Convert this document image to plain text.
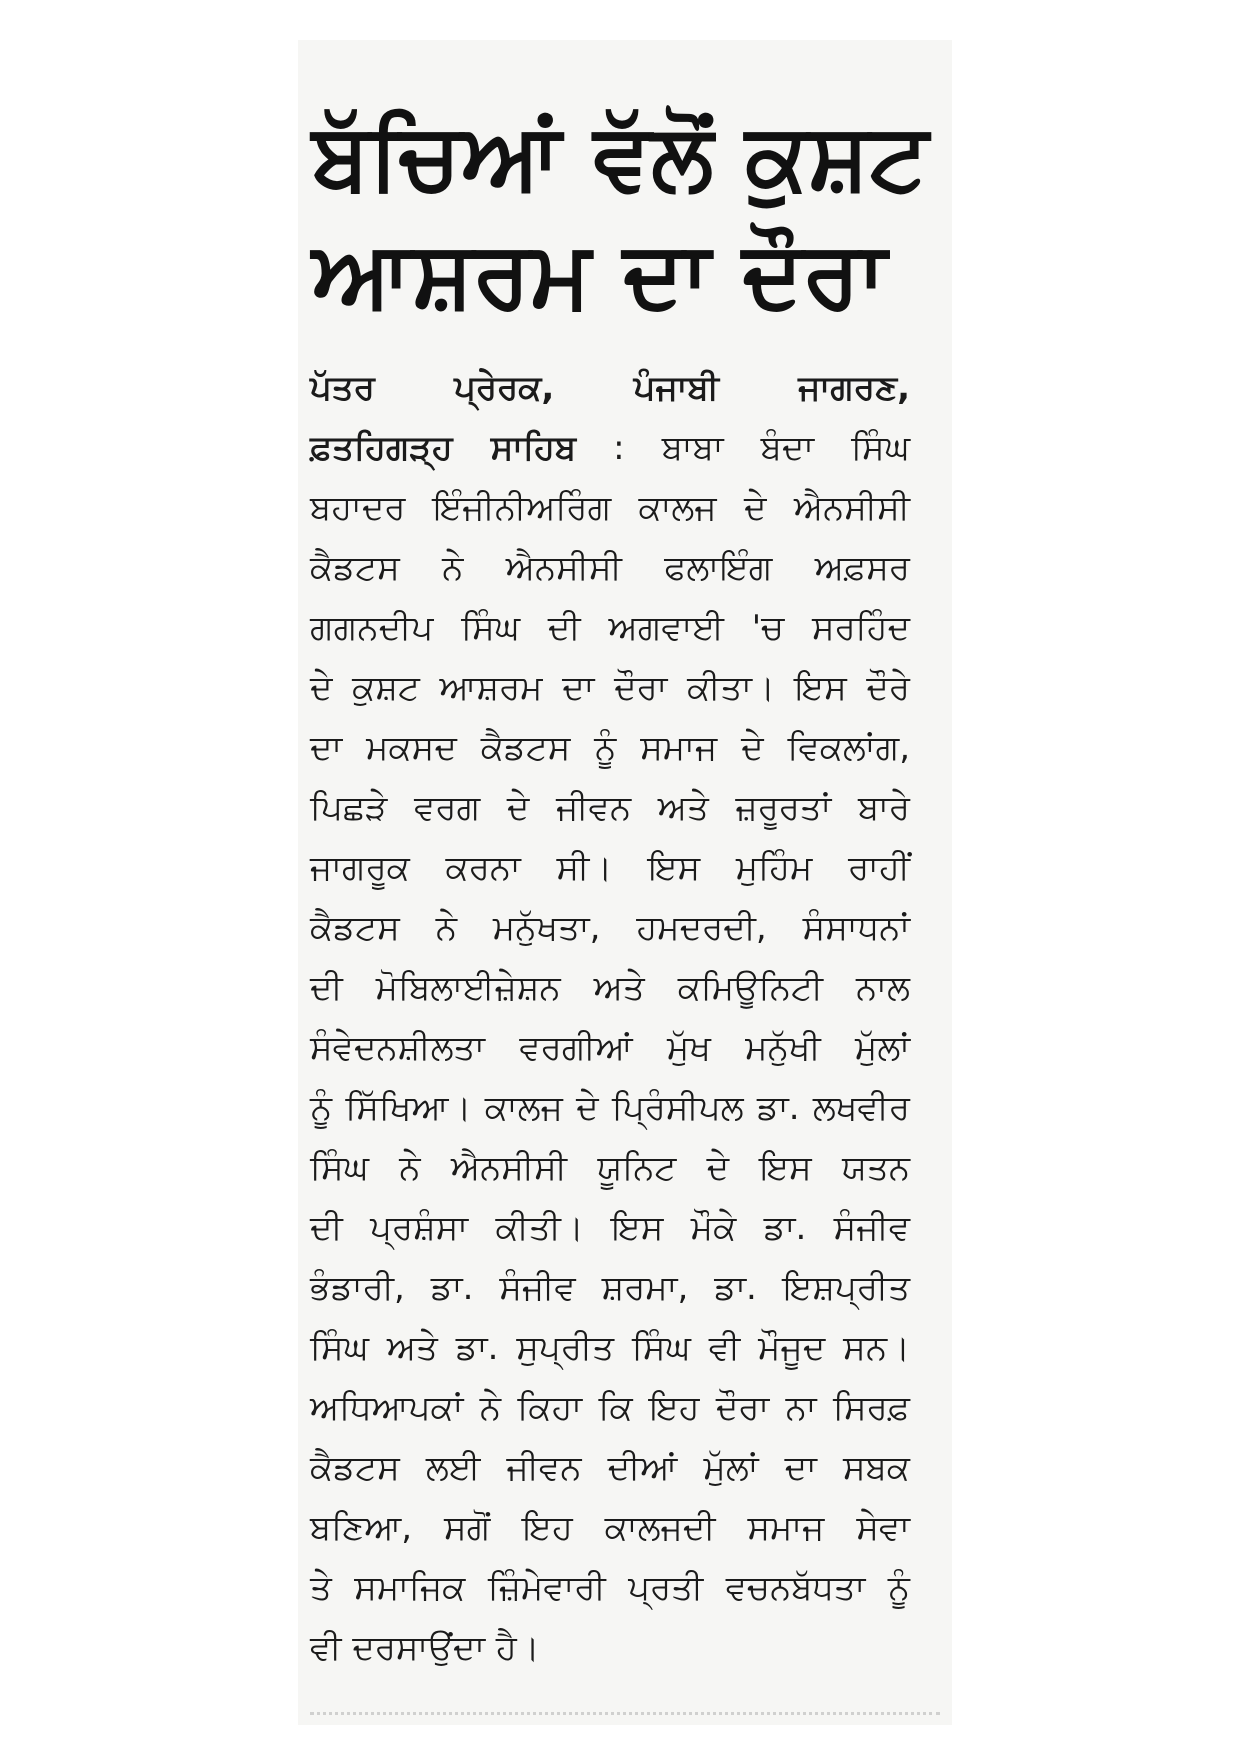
ਬੱਚਿਆਂ ਵੱਲੋਂ ਕੁਸ਼ਟ
ਆਸ਼ਰਮ ਦਾ ਦੌਰਾ
ਪੱਤਰ ਪ੍ਰੇਰਕ, ਪੰਜਾਬੀ ਜਾਗਰਣ,
ਫ਼ਤਹਿਗੜ੍ਹ ਸਾਹਿਬ : ਬਾਬਾ ਬੰਦਾ ਸਿੰਘ
ਬਹਾਦਰ ਇੰਜੀਨੀਅਰਿੰਗ ਕਾਲਜ ਦੇ ਐਨਸੀਸੀ
ਕੈਡਟਸ ਨੇ ਐਨਸੀਸੀ ਫਲਾਇੰਗ ਅਫ਼ਸਰ
ਗਗਨਦੀਪ ਸਿੰਘ ਦੀ ਅਗਵਾਈ 'ਚ ਸਰਹਿੰਦ
ਦੇ ਕੁਸ਼ਟ ਆਸ਼ਰਮ ਦਾ ਦੌਰਾ ਕੀਤਾ। ਇਸ ਦੌਰੇ
ਦਾ ਮਕਸਦ ਕੈਡਟਸ ਨੂੰ ਸਮਾਜ ਦੇ ਵਿਕਲਾਂਗ,
ਪਿਛੜੇ ਵਰਗ ਦੇ ਜੀਵਨ ਅਤੇ ਜ਼ਰੂਰਤਾਂ ਬਾਰੇ
ਜਾਗਰੂਕ ਕਰਨਾ ਸੀ। ਇਸ ਮੁਹਿੰਮ ਰਾਹੀਂ
ਕੈਡਟਸ ਨੇ ਮਨੁੱਖਤਾ, ਹਮਦਰਦੀ, ਸੰਸਾਧਨਾਂ
ਦੀ ਮੋਬਿਲਾਈਜ਼ੇਸ਼ਨ ਅਤੇ ਕਮਿਊਨਿਟੀ ਨਾਲ
ਸੰਵੇਦਨਸ਼ੀਲਤਾ ਵਰਗੀਆਂ ਮੁੱਖ ਮਨੁੱਖੀ ਮੁੱਲਾਂ
ਨੂੰ ਸਿੱਖਿਆ। ਕਾਲਜ ਦੇ ਪ੍ਰਿੰਸੀਪਲ ਡਾ. ਲਖਵੀਰ
ਸਿੰਘ ਨੇ ਐਨਸੀਸੀ ਯੂਨਿਟ ਦੇ ਇਸ ਯਤਨ
ਦੀ ਪ੍ਰਸ਼ੰਸਾ ਕੀਤੀ। ਇਸ ਮੌਕੇ ਡਾ. ਸੰਜੀਵ
ਭੰਡਾਰੀ, ਡਾ. ਸੰਜੀਵ ਸ਼ਰਮਾ, ਡਾ. ਇਸ਼ਪ੍ਰੀਤ
ਸਿੰਘ ਅਤੇ ਡਾ. ਸੁਪ੍ਰੀਤ ਸਿੰਘ ਵੀ ਮੌਜੂਦ ਸਨ।
ਅਧਿਆਪਕਾਂ ਨੇ ਕਿਹਾ ਕਿ ਇਹ ਦੌਰਾ ਨਾ ਸਿਰਫ਼
ਕੈਡਟਸ ਲਈ ਜੀਵਨ ਦੀਆਂ ਮੁੱਲਾਂ ਦਾ ਸਬਕ
ਬਣਿਆ, ਸਗੋਂ ਇਹ ਕਾਲਜਦੀ ਸਮਾਜ ਸੇਵਾ
ਤੇ ਸਮਾਜਿਕ ਜ਼ਿੰਮੇਵਾਰੀ ਪ੍ਰਤੀ ਵਚਨਬੱਧਤਾ ਨੂੰ
ਵੀ ਦਰਸਾਉਂਦਾ ਹੈ।
